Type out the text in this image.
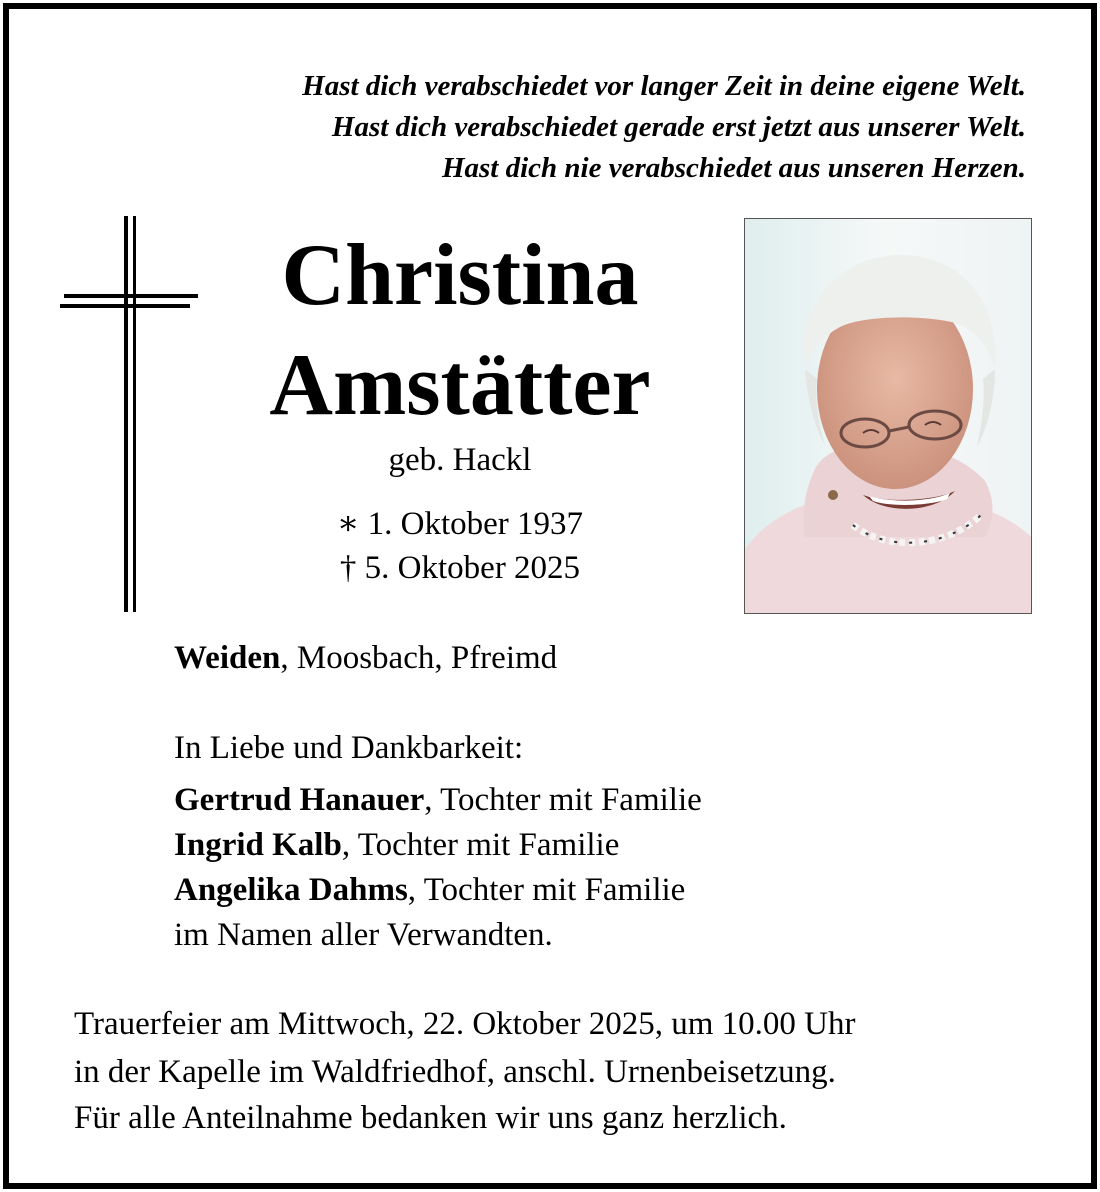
Hast dich verabschiedet vor langer Zeit in deine eigene Welt.
Hast dich verabschiedet gerade erst jetzt aus unserer Welt.
Hast dich nie verabschiedet aus unseren Herzen.
Christina
Amstätter
geb. Hackl
∗ 1. Oktober 1937
† 5. Oktober 2025
Weiden, Moosbach, Pfreimd
In Liebe und Dankbarkeit:
Gertrud Hanauer, Tochter mit Familie
Ingrid Kalb, Tochter mit Familie
Angelika Dahms, Tochter mit Familie
im Namen aller Verwandten.
Trauerfeier am Mittwoch, 22. Oktober 2025, um 10.00 Uhr
in der Kapelle im Waldfriedhof, anschl. Urnenbeisetzung.
Für alle Anteilnahme bedanken wir uns ganz herzlich.
